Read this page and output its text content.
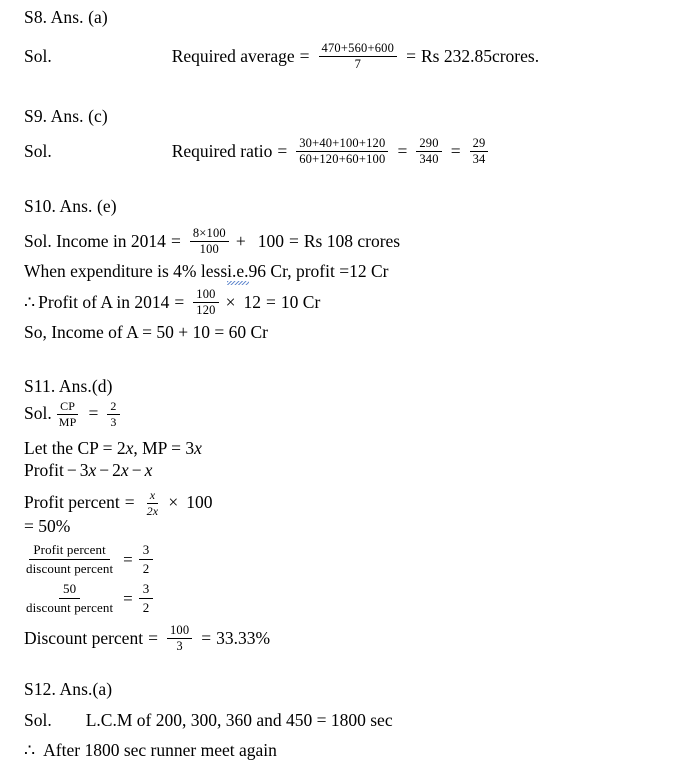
S8. Ans. (a)
Sol.	Required average = $\frac{470+560+600}{7} = Rs$ 232.85crores.
S9. Ans. (c)
Sol.	Required ratio = $\frac{30+40+100+120}{60+120+60+100} = \frac{290}{340} = \frac{29}{34}$
S10. Ans. (e)
Sol. Income in $2014 = \frac{8\times 100}{100} + 100 = Rs$ 108 crores
When expenditure is 4% less i.e. 96 Cr, profit =12 Cr
∴ Profit of A in $2014 = \frac{100}{120} \times 12 = 10$ Cr
So, Income of A = 50 + 10 = 60 Cr
S11. Ans.(d)
Sol. $\frac{CP}{MP} = \frac{2}{3}$
Let the CP = 2 x , MP = 3 x
Profit − 3 x − 2 x − x
Profit percent = $\frac{x}{2x} \times 100$
= 50%
$\frac{\text{Profit percent}}{\text{discount percent}} = \frac{3}{2}$
$\frac{50}{\text{discount percent}} = \frac{3}{2}$
Discount percent = $\frac{100}{3} = 33.33\%$
S12. Ans.(a)
Sol. L.C.M of 200, 300, 360 and 450 = 1800 sec
∴ After 1800 sec runner meet again
